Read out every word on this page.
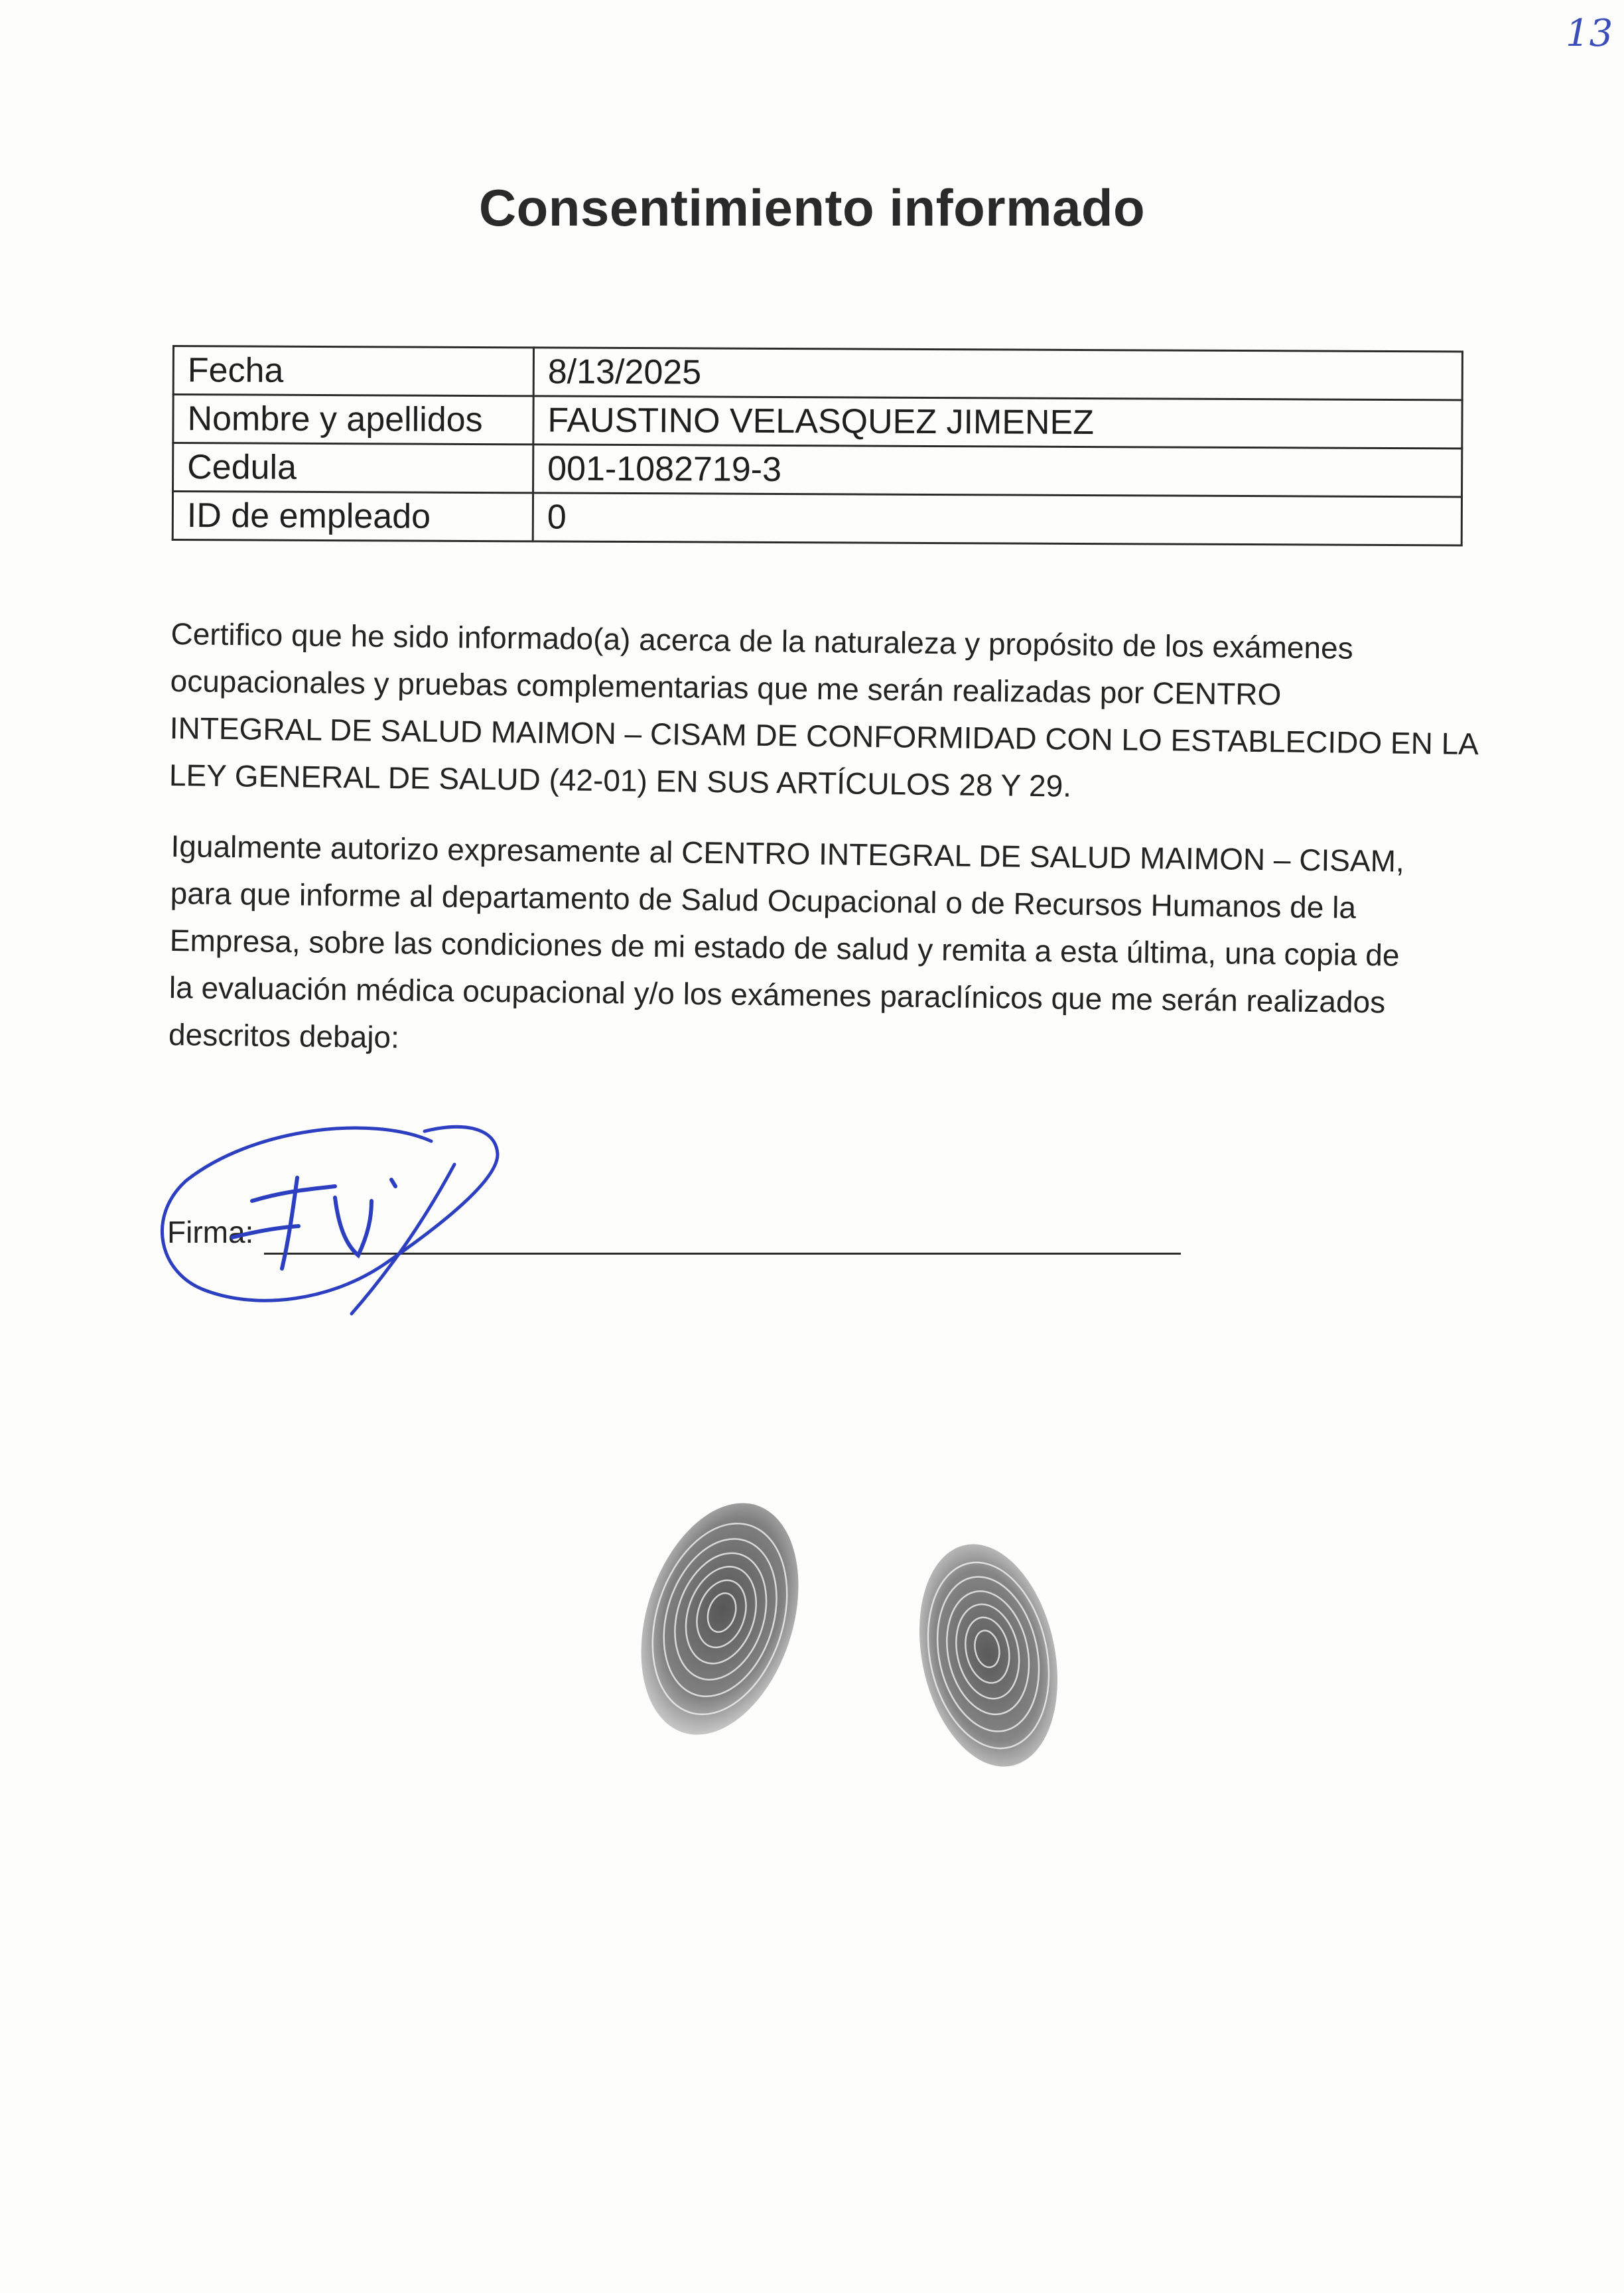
13
Consentimiento informado
Fecha	8/13/2025
Nombre y apellidos	FAUSTINO VELASQUEZ JIMENEZ
Cedula	001-1082719-3
ID de empleado	0
Certifico que he sido informado(a) acerca de la naturaleza y propósito de los exámenes
ocupacionales y pruebas complementarias que me serán realizadas por CENTRO
INTEGRAL DE SALUD MAIMON – CISAM DE CONFORMIDAD CON LO ESTABLECIDO EN LA
LEY GENERAL DE SALUD (42-01) EN SUS ARTÍCULOS 28 Y 29.
Igualmente autorizo expresamente al CENTRO INTEGRAL DE SALUD MAIMON – CISAM,
para que informe al departamento de Salud Ocupacional o de Recursos Humanos de la
Empresa, sobre las condiciones de mi estado de salud y remita a esta última, una copia de
la evaluación médica ocupacional y/o los exámenes paraclínicos que me serán realizados
descritos debajo:
Firma:
